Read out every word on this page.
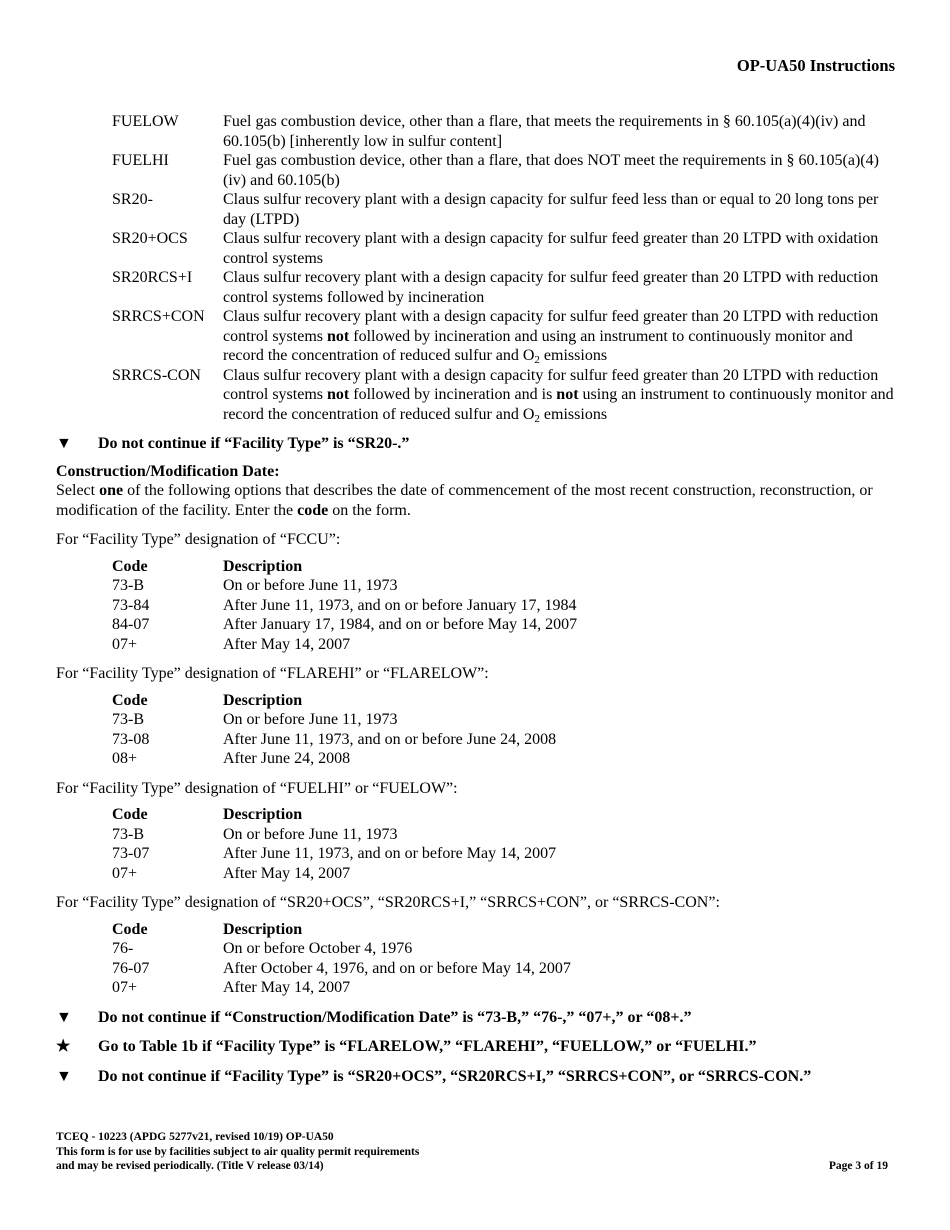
OP-UA50 Instructions
FUELOW	Fuel gas combustion device, other than a flare, that meets the requirements in § 60.105(a)(4)(iv) and 60.105(b) [inherently low in sulfur content]
FUELHI	Fuel gas combustion device, other than a flare, that does NOT meet the requirements in § 60.105(a)(4)(iv) and 60.105(b)
SR20-	Claus sulfur recovery plant with a design capacity for sulfur feed less than or equal to 20 long tons per day (LTPD)
SR20+OCS	Claus sulfur recovery plant with a design capacity for sulfur feed greater than 20 LTPD with oxidation control systems
SR20RCS+I	Claus sulfur recovery plant with a design capacity for sulfur feed greater than 20 LTPD with reduction control systems followed by incineration
SRRCS+CON	Claus sulfur recovery plant with a design capacity for sulfur feed greater than 20 LTPD with reduction control systems not followed by incineration and using an instrument to continuously monitor and record the concentration of reduced sulfur and $O_2$ emissions
SRRCS-CON	Claus sulfur recovery plant with a design capacity for sulfur feed greater than 20 LTPD with reduction control systems not followed by incineration and is not using an instrument to continuously monitor and record the concentration of reduced sulfur and $O_2$ emissions
▼	Do not continue if “Facility Type” is “SR20-.”
Construction/Modification Date:

Select one of the following options that describes the date of commencement of the most recent construction, reconstruction, or modification of the facility. Enter the code on the form.

For “Facility Type” designation of “FCCU”:

Code	Description
73-B	On or before June 11, 1973
73-84	After June 11, 1973, and on or before January 17, 1984
84-07	After January 17, 1984, and on or before May 14, 2007
07+	After May 14, 2007

For “Facility Type” designation of “FLAREHI” or “FLARELOW”:

Code	Description
73-B	On or before June 11, 1973
73-08	After June 11, 1973, and on or before June 24, 2008
08+	After June 24, 2008

For “Facility Type” designation of “FUELHI” or “FUELOW”:

Code	Description
73-B	On or before June 11, 1973
73-07	After June 11, 1973, and on or before May 14, 2007
07+	After May 14, 2007

For “Facility Type” designation of “SR20+OCS”, “SR20RCS+I,” “SRRCS+CON”, or “SRRCS-CON”:

Code	Description
76-	On or before October 4, 1976
76-07	After October 4, 1976, and on or before May 14, 2007
07+	After May 14, 2007
▼	Do not continue if “Construction/Modification Date” is “73-B,” “76-,” “07+,” or “08+.”
★	Go to Table 1b if “Facility Type” is “FLARELOW,” “FLAREHI”, “FUELLOW,” or “FUELHI.”
▼	Do not continue if “Facility Type” is “SR20+OCS”, “SR20RCS+I,” “SRRCS+CON”, or “SRRCS-CON.”
TCEQ - 10223 (APDG 5277v21, revised 10/19) OP-UA50
This form is for use by facilities subject to air quality permit requirements
and may be revised periodically. (Title V release 03/14)	Page 3 of 19
